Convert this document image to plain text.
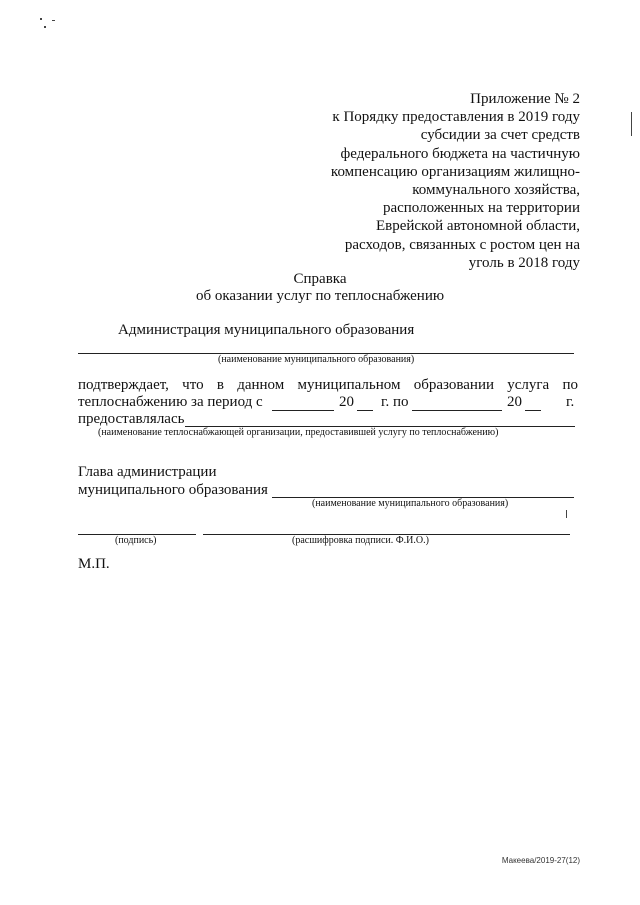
Приложение № 2
к Порядку предоставления в 2019 году
субсидии за счет средств
федерального бюджета на частичную
компенсацию организациям жилищно-
коммунального хозяйства,
расположенных на территории
Еврейской автономной области,
расходов, связанных с ростом цен на
уголь в 2018 году
Справка
об оказании услуг по теплоснабжению
Администрация муниципального образования
(наименование муниципального образования)
подтверждает, что в данном муниципальном образовании услуга по
теплоснабжению за период с	20 г. по	20	г.
предоставлялась
(наименование теплоснабжающей организации, предоставившей услугу по теплоснабжению)
Глава администрации
муниципального образования
(наименование муниципального образования)
(подпись)	(расшифровка подписи. Ф.И.О.)
М.П.
Макеева/2019-27(12)
